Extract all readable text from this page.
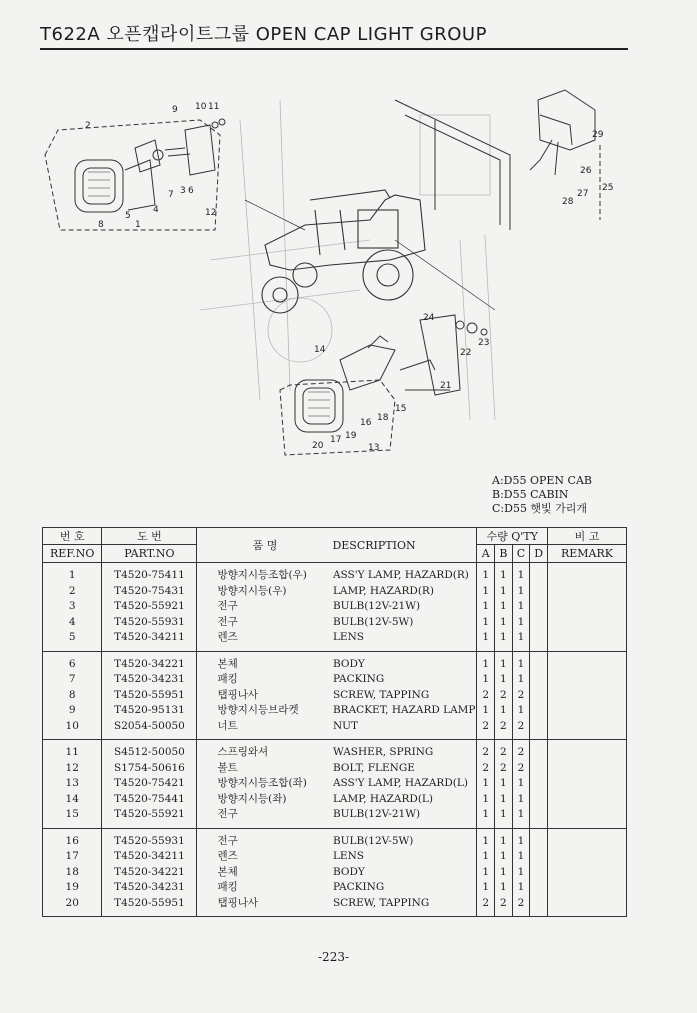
T622A 오픈캡라이트그룹 OPEN CAP LIGHT GROUP
1
2
3
4
5
6
7
8
9 10 11
12
13
14
15
16
17
18
19
20
21
22
23
24
25
26
27
28
29
A:D55 OPEN CAB
B:D55 CABIN
C:D55 햇빛 가리개
번 호	도 번	품 명 DESCRIPTION		수량 Q'TY				비 고
REF.NO	PART.NO			A	B	C	D	REMARK
1	T4520-75411	방향지시등조합(우)	ASS'Y LAMP, HAZARD(R)	1	1	1		
2	T4520-75431	방향지시등(우)	LAMP, HAZARD(R)	1	1	1		
3	T4520-55921	전구	BULB(12V-21W)	1	1	1		
4	T4520-55931	전구	BULB(12V-5W)	1	1	1		
5	T4520-34211	렌즈	LENS	1	1	1		
6	T4520-34221	본체	BODY	1	1	1		
7	T4520-34231	패킹	PACKING	1	1	1		
8	T4520-55951	탭핑나사	SCREW, TAPPING	2	2	2		
9	T4520-95131	방향지시등브라켓	BRACKET, HAZARD LAMP	1	1	1		
10	S2054-50050	너트	NUT	2	2	2		
11	S4512-50050	스프링와셔	WASHER, SPRING	2	2	2		
12	S1754-50616	볼트	BOLT, FLENGE	2	2	2		
13	T4520-75421	방향지시등조합(좌)	ASS'Y LAMP, HAZARD(L)	1	1	1		
14	T4520-75441	방향지시등(좌)	LAMP, HAZARD(L)	1	1	1		
15	T4520-55921	전구	BULB(12V-21W)	1	1	1		
16	T4520-55931	전구	BULB(12V-5W)	1	1	1		
17	T4520-34211	렌즈	LENS	1	1	1		
18	T4520-34221	본체	BODY	1	1	1		
19	T4520-34231	패킹	PACKING	1	1	1		
20	T4520-55951	탭핑나사	SCREW, TAPPING	2	2	2		
-223-
